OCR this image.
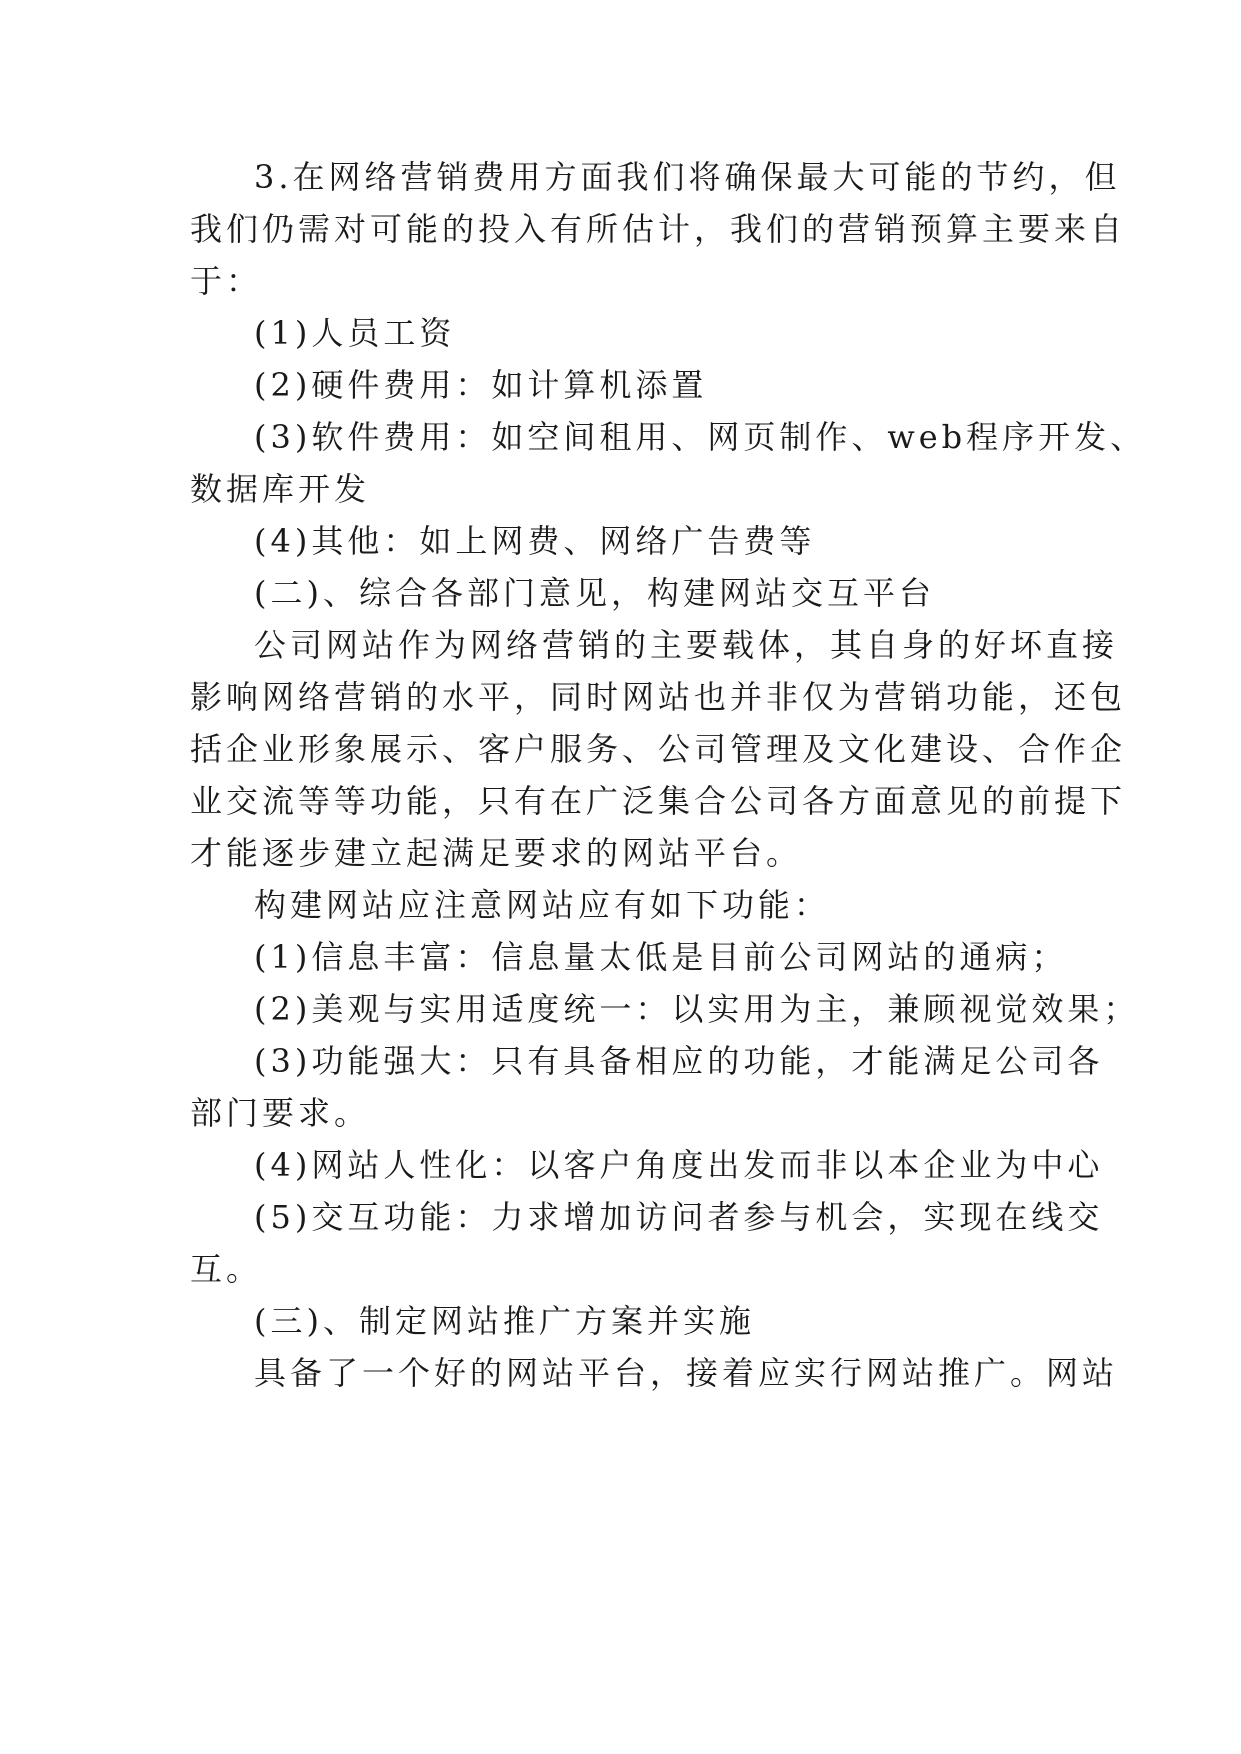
3.在网络营销费用方面我们将确保最大可能的节约，但
我们仍需对可能的投入有所估计，我们的营销预算主要来自
于：
(1)人员工资
(2)硬件费用：如计算机添置
(3)软件费用：如空间租用、网页制作、web程序开发、
数据库开发
(4)其他：如上网费、网络广告费等
(二)、综合各部门意见，构建网站交互平台
公司网站作为网络营销的主要载体，其自身的好坏直接
影响网络营销的水平，同时网站也并非仅为营销功能，还包
括企业形象展示、客户服务、公司管理及文化建设、合作企
业交流等等功能，只有在广泛集合公司各方面意见的前提下
才能逐步建立起满足要求的网站平台。
构建网站应注意网站应有如下功能：
(1)信息丰富：信息量太低是目前公司网站的通病；
(2)美观与实用适度统一：以实用为主，兼顾视觉效果；
(3)功能强大：只有具备相应的功能，才能满足公司各
部门要求。
(4)网站人性化：以客户角度出发而非以本企业为中心
(5)交互功能：力求增加访问者参与机会，实现在线交
互。
(三)、制定网站推广方案并实施
具备了一个好的网站平台，接着应实行网站推广。网站
